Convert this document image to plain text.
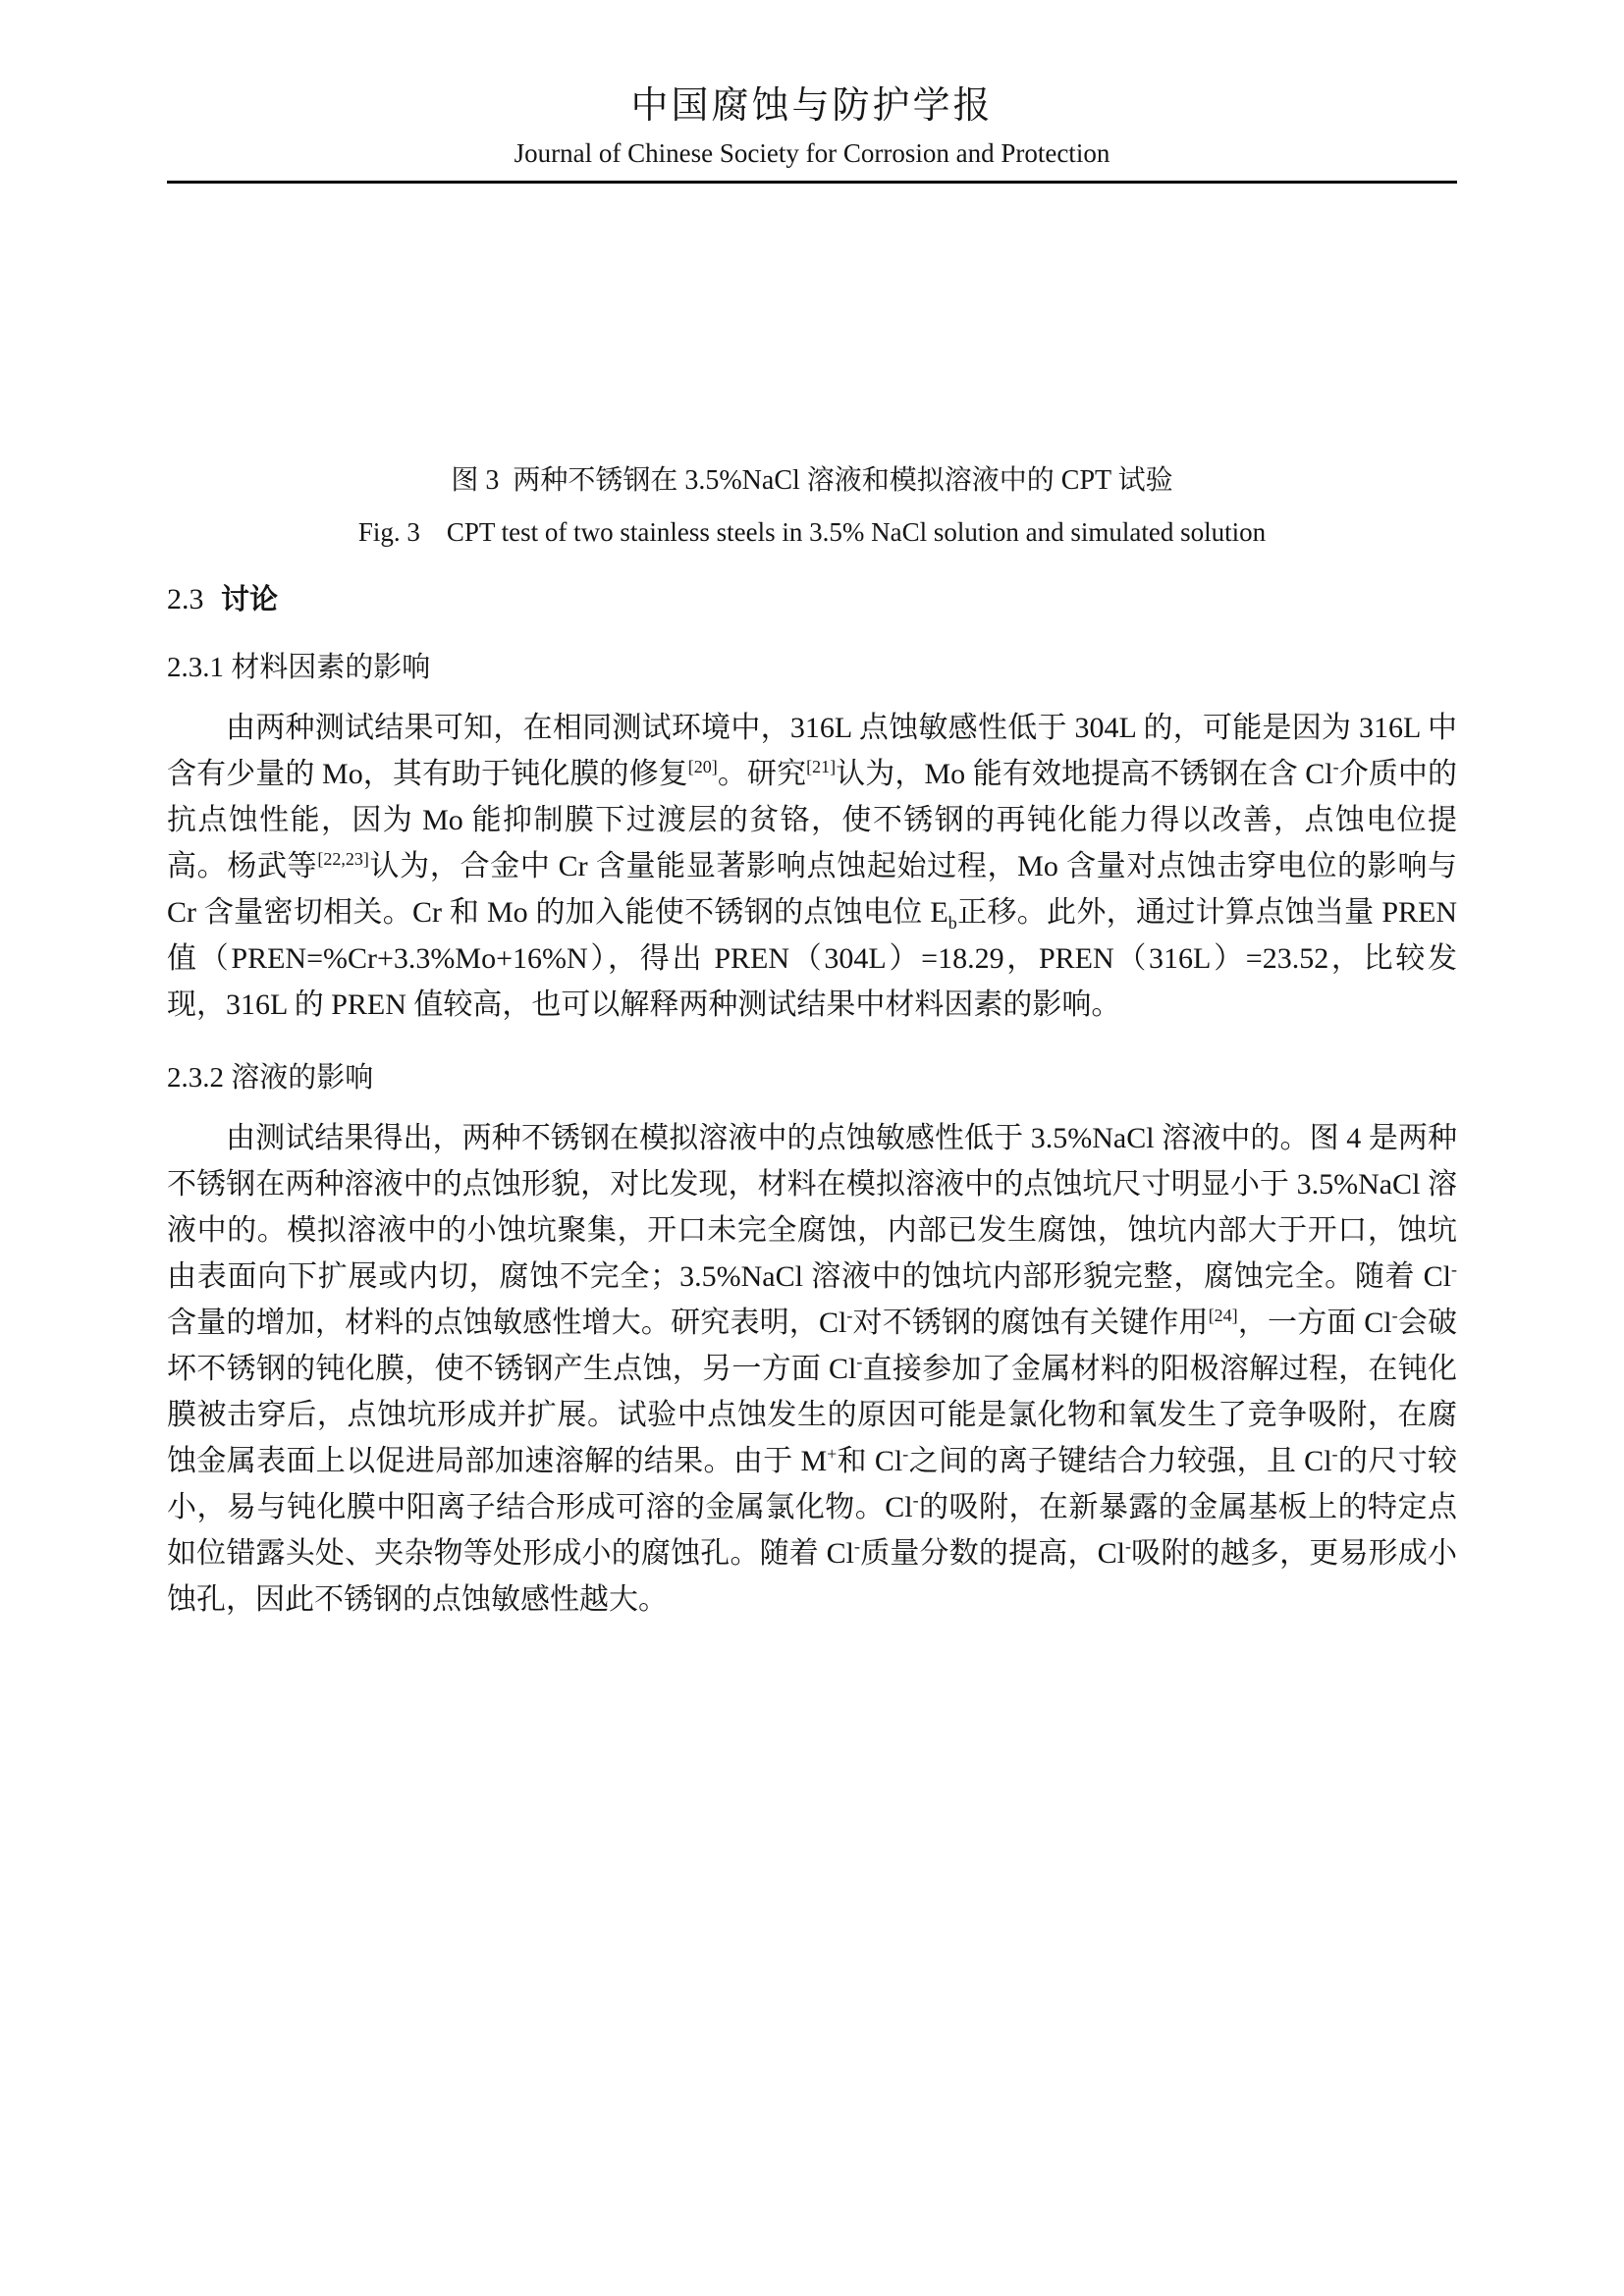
中国腐蚀与防护学报
Journal of Chinese Society for Corrosion and Protection
图 3  两种不锈钢在 3.5%NaCl 溶液和模拟溶液中的 CPT 试验
Fig. 3    CPT test of two stainless steels in 3.5% NaCl solution and simulated solution
2.3 讨论
2.3.1 材料因素的影响

由两种测试结果可知，在相同测试环境中，316L 点蚀敏感性低于 304L 的，可能是因为 316L 中含有少量的 Mo，其有助于钝化膜的修复[20]。研究[21]认为，Mo 能有效地提高不锈钢在含 Cl-介质中的抗点蚀性能，因为 Mo 能抑制膜下过渡层的贫铬，使不锈钢的再钝化能力得以改善，点蚀电位提高。杨武等[22,23]认为，合金中 Cr 含量能显著影响点蚀起始过程，Mo 含量对点蚀击穿电位的影响与 Cr 含量密切相关。Cr 和 Mo 的加入能使不锈钢的点蚀电位 $E_b$正移。此外，通过计算点蚀当量 PREN 值（PREN=%Cr+3.3%Mo+16%N），得出 PREN（304L）=18.29，PREN（316L）=23.52，比较发现，316L 的 PREN 值较高，也可以解释两种测试结果中材料因素的影响。

2.3.2 溶液的影响

由测试结果得出，两种不锈钢在模拟溶液中的点蚀敏感性低于 3.5%NaCl 溶液中的。图 4 是两种不锈钢在两种溶液中的点蚀形貌，对比发现，材料在模拟溶液中的点蚀坑尺寸明显小于 3.5%NaCl 溶液中的。模拟溶液中的小蚀坑聚集，开口未完全腐蚀，内部已发生腐蚀，蚀坑内部大于开口，蚀坑由表面向下扩展或内切，腐蚀不完全；3.5%NaCl 溶液中的蚀坑内部形貌完整，腐蚀完全。随着 Cl-含量的增加，材料的点蚀敏感性增大。研究表明，Cl-对不锈钢的腐蚀有关键作用[24]，一方面 Cl-会破坏不锈钢的钝化膜，使不锈钢产生点蚀，另一方面 Cl-直接参加了金属材料的阳极溶解过程，在钝化膜被击穿后，点蚀坑形成并扩展。试验中点蚀发生的原因可能是氯化物和氧发生了竞争吸附，在腐蚀金属表面上以促进局部加速溶解的结果。由于 M+和 Cl-之间的离子键结合力较强，且 Cl-的尺寸较小，易与钝化膜中阳离子结合形成可溶的金属氯化物。Cl-的吸附，在新暴露的金属基板上的特定点如位错露头处、夹杂物等处形成小的腐蚀孔。随着 Cl-质量分数的提高，Cl-吸附的越多，更易形成小蚀孔，因此不锈钢的点蚀敏感性越大。
